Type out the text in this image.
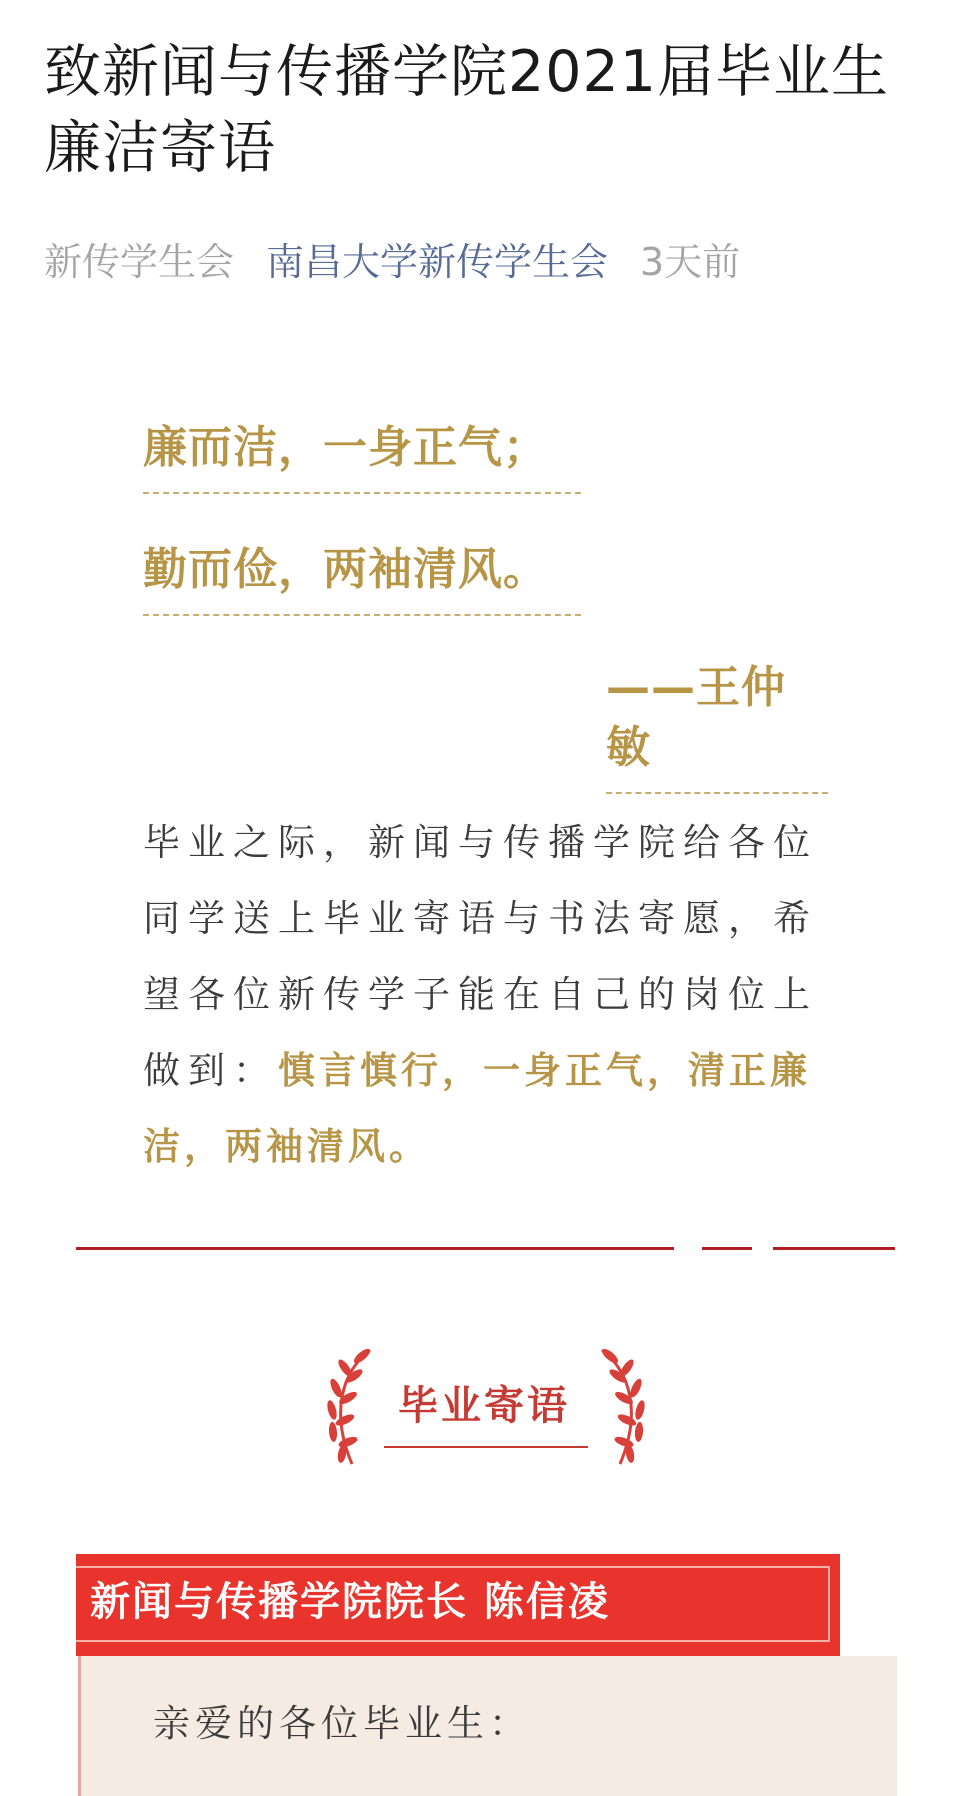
致新闻与传播学院2021届毕业生廉洁寄语
新传学生会 南昌大学新传学生会 3天前
廉而洁，一身正气；
勤而俭，两袖清风。
——王仲敏
毕业之际，新闻与传播学院给各位同学送上毕业寄语与书法寄愿，希望各位新传学子能在自己的岗位上做到：慎言慎行，一身正气，清正廉洁，两袖清风。
毕业寄语
新闻与传播学院院长 陈信凌
亲爱的各位毕业生：
